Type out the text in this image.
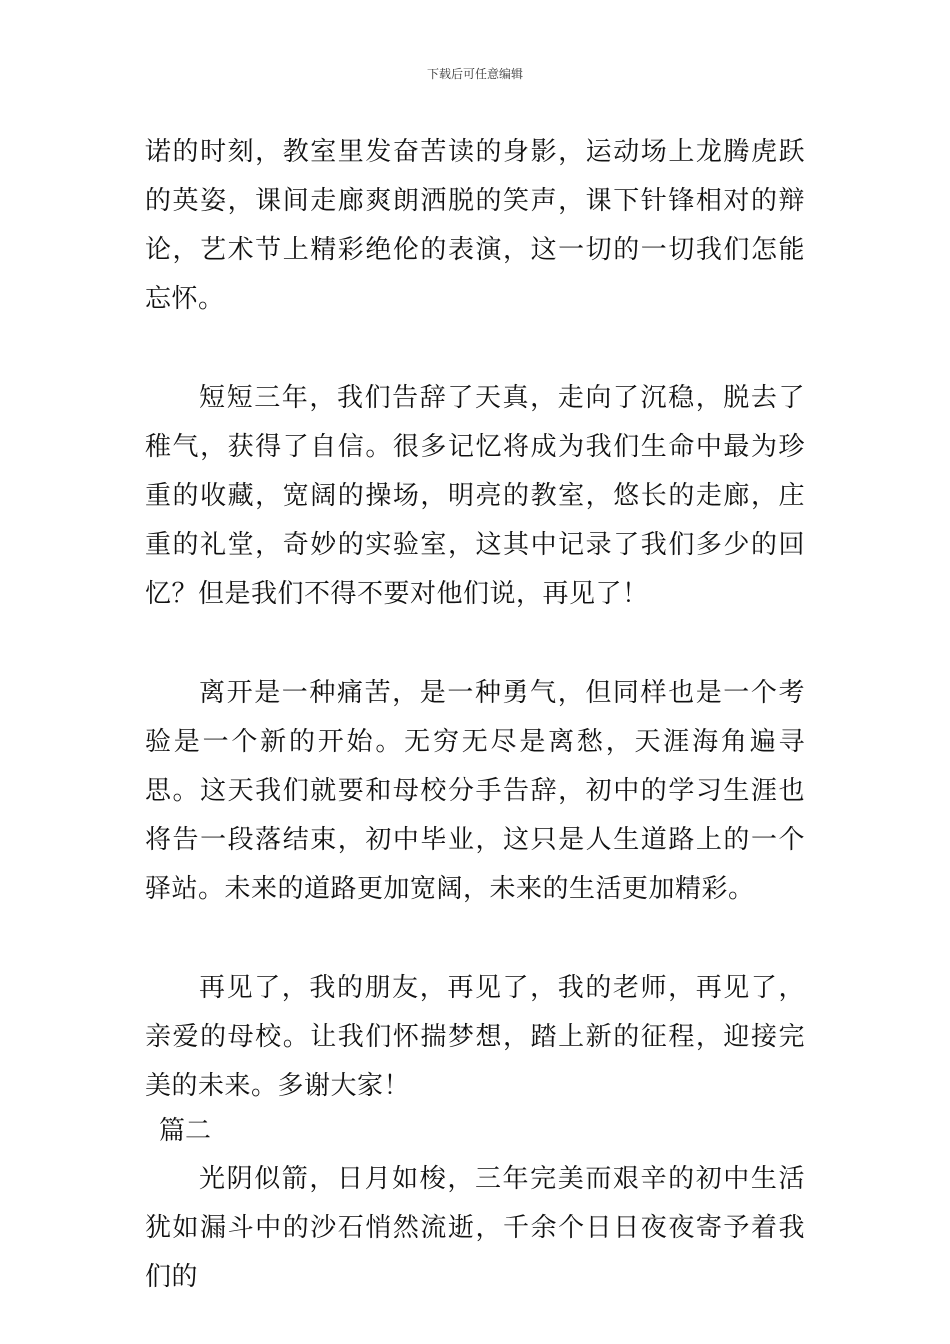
下载后可任意编辑

诺的时刻，教室里发奋苦读的身影，运动场上龙腾虎跃的英姿，课间走廊爽朗洒脱的笑声，课下针锋相对的辩论，艺术节上精彩绝伦的表演，这一切的一切我们怎能忘怀。

短短三年，我们告辞了天真，走向了沉稳，脱去了稚气，获得了自信。很多记忆将成为我们生命中最为珍重的收藏，宽阔的操场，明亮的教室，悠长的走廊，庄重的礼堂，奇妙的实验室，这其中记录了我们多少的回忆？但是我们不得不要对他们说，再见了！

离开是一种痛苦，是一种勇气，但同样也是一个考验是一个新的开始。无穷无尽是离愁，天涯海角遍寻思。这天我们就要和母校分手告辞，初中的学习生涯也将告一段落结束，初中毕业，这只是人生道路上的一个驿站。未来的道路更加宽阔，未来的生活更加精彩。

再见了，我的朋友，再见了，我的老师，再见了，亲爱的母校。让我们怀揣梦想，踏上新的征程，迎接完美的未来。多谢大家！

篇二

光阴似箭，日月如梭，三年完美而艰辛的初中生活犹如漏斗中的沙石悄然流逝，千余个日日夜夜寄予着我们的
